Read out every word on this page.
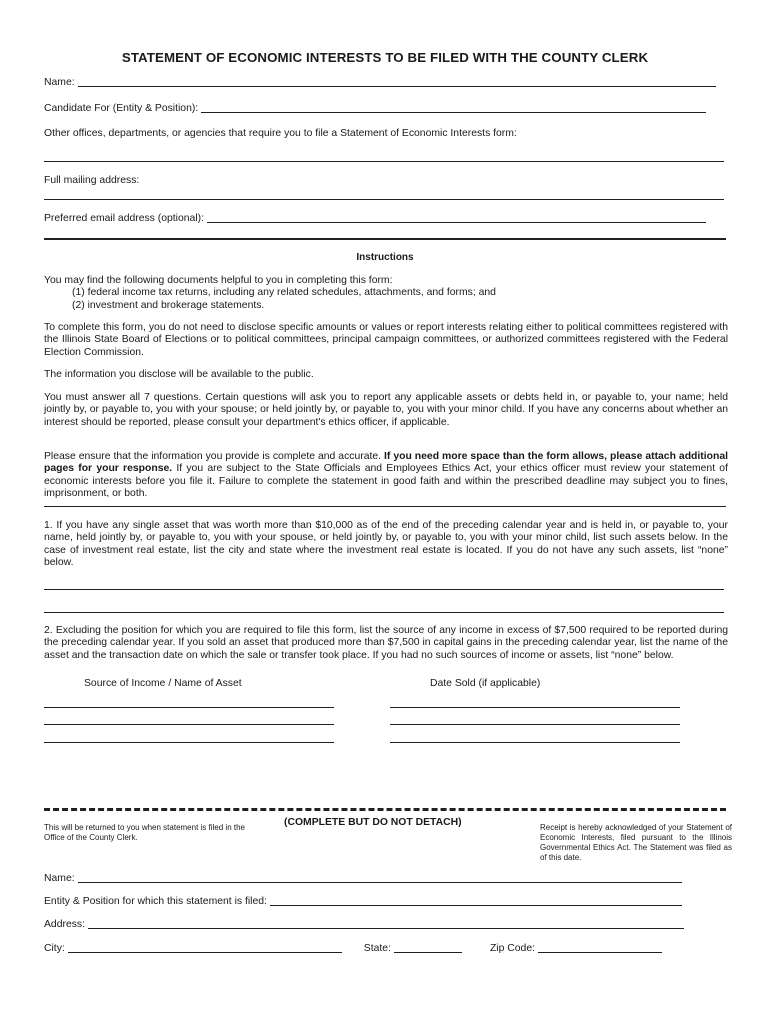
STATEMENT OF ECONOMIC INTERESTS TO BE FILED WITH THE COUNTY CLERK
Name:
Candidate For (Entity & Position):
Other offices, departments, or agencies that require you to file a Statement of Economic Interests form:
Full mailing address:
Preferred email address (optional):
Instructions
You may find the following documents helpful to you in completing this form:
(1) federal income tax returns, including any related schedules, attachments, and forms; and
(2) investment and brokerage statements.
To complete this form, you do not need to disclose specific amounts or values or report interests relating either to political committees registered with the Illinois State Board of Elections or to political committees, principal campaign committees, or authorized committees registered with the Federal Election Commission.
The information you disclose will be available to the public.
You must answer all 7 questions. Certain questions will ask you to report any applicable assets or debts held in, or payable to, your name; held jointly by, or payable to, you with your spouse; or held jointly by, or payable to, you with your minor child. If you have any concerns about whether an interest should be reported, please consult your department's ethics officer, if applicable.
Please ensure that the information you provide is complete and accurate. If you need more space than the form allows, please attach additional pages for your response. If you are subject to the State Officials and Employees Ethics Act, your ethics officer must review your statement of economic interests before you file it. Failure to complete the statement in good faith and within the prescribed deadline may subject you to fines, imprisonment, or both.
1. If you have any single asset that was worth more than $10,000 as of the end of the preceding calendar year and is held in, or payable to, your name, held jointly by, or payable to, you with your spouse, or held jointly by, or payable to, you with your minor child, list such assets below. In the case of investment real estate, list the city and state where the investment real estate is located. If you do not have any such assets, list “none” below.
2. Excluding the position for which you are required to file this form, list the source of any income in excess of $7,500 required to be reported during the preceding calendar year. If you sold an asset that produced more than $7,500 in capital gains in the preceding calendar year, list the name of the asset and the transaction date on which the sale or transfer took place. If you had no such sources of income or assets, list “none” below.
Source of Income / Name of Asset	Date Sold (if applicable)
This will be returned to you when statement is filed in the Office of the County Clerk.
(COMPLETE BUT DO NOT DETACH)	Receipt is hereby acknowledged of your Statement of Economic Interests, filed pursuant to the Illinois Governmental Ethics Act. The Statement was filed as of this date.
Name:
Entity & Position for which this statement is filed:
Address:
City:	State:	Zip Code:
